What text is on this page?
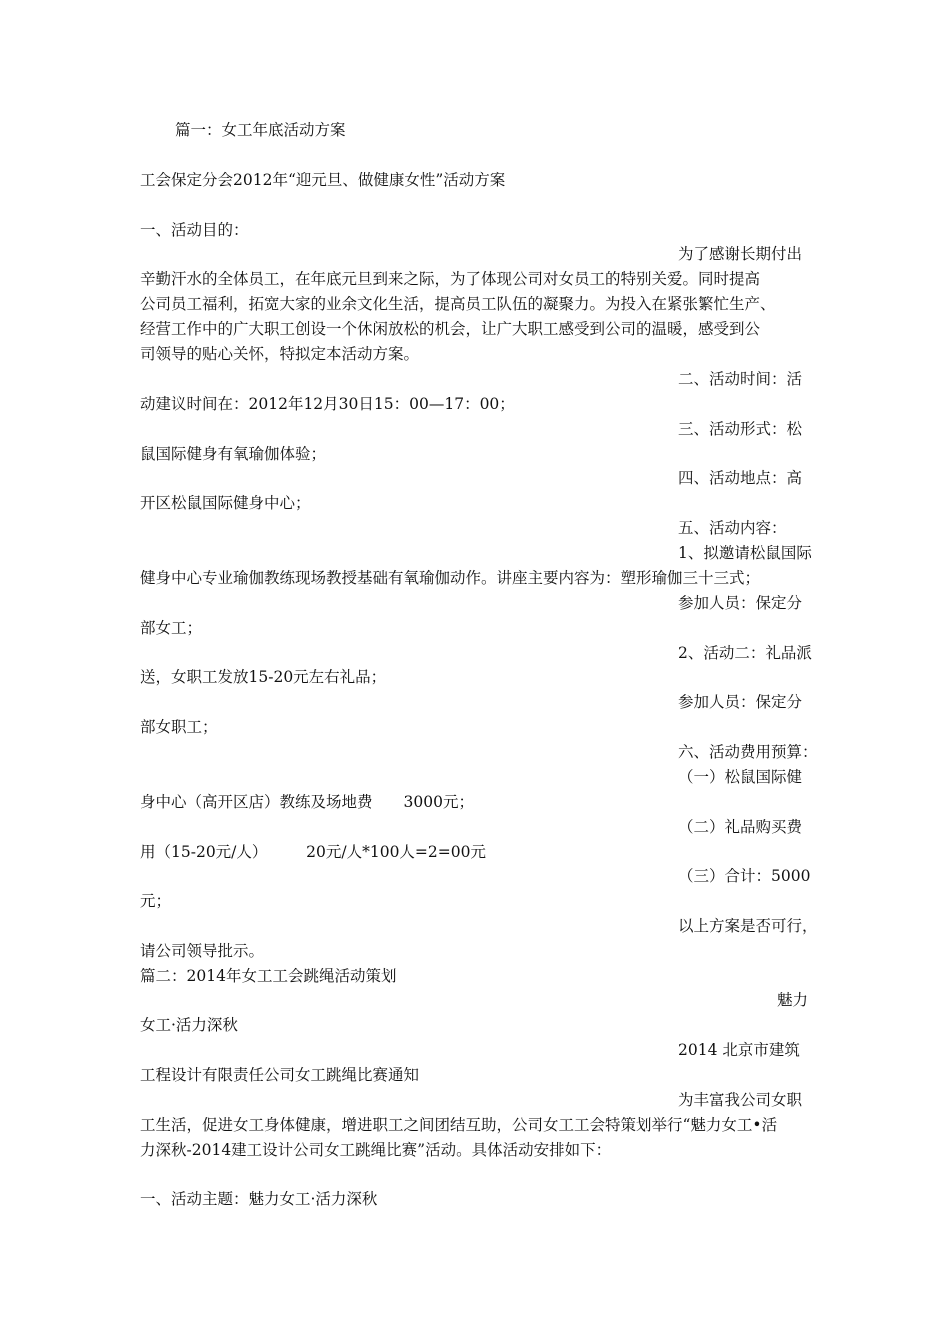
篇一：女工年底活动方案

工会保定分会2012年“迎元旦、做健康女性”活动方案

一、活动目的：

为了感谢长期付出

辛勤汗水的全体员工，在年底元旦到来之际，为了体现公司对女员工的特别关爱。同时提高

公司员工福利，拓宽大家的业余文化生活，提高员工队伍的凝聚力。为投入在紧张繁忙生产、

经营工作中的广大职工创设一个休闲放松的机会，让广大职工感受到公司的温暖，感受到公

司领导的贴心关怀，特拟定本活动方案。

二、活动时间：活

动建议时间在：2012年12月30日15：00—17：00；

三、活动形式：松

鼠国际健身有氧瑜伽体验；

四、活动地点：高

开区松鼠国际健身中心；

五、活动内容：

1、拟邀请松鼠国际

健身中心专业瑜伽教练现场教授基础有氧瑜伽动作。讲座主要内容为：塑形瑜伽三十三式；

参加人员：保定分

部女工；

2、活动二：礼品派

送，女职工发放15-20元左右礼品；

参加人员：保定分

部女职工；

六、活动费用预算：

（一）松鼠国际健

身中心（高开区店）教练及场地费　　3000元；

（二）礼品购买费

用（15-20元/人）　　　20元/人*100人=2=00元

（三）合计：5000

元；

以上方案是否可行，

请公司领导批示。

篇二：2014年女工工会跳绳活动策划

魅力

女工·活力深秋

2014 北京市建筑

工程设计有限责任公司女工跳绳比赛通知

为丰富我公司女职

工生活，促进女工身体健康，增进职工之间团结互助，公司女工工会特策划举行“魅力女工•活

力深秋-2014建工设计公司女工跳绳比赛”活动。具体活动安排如下：

一、活动主题：魅力女工·活力深秋
